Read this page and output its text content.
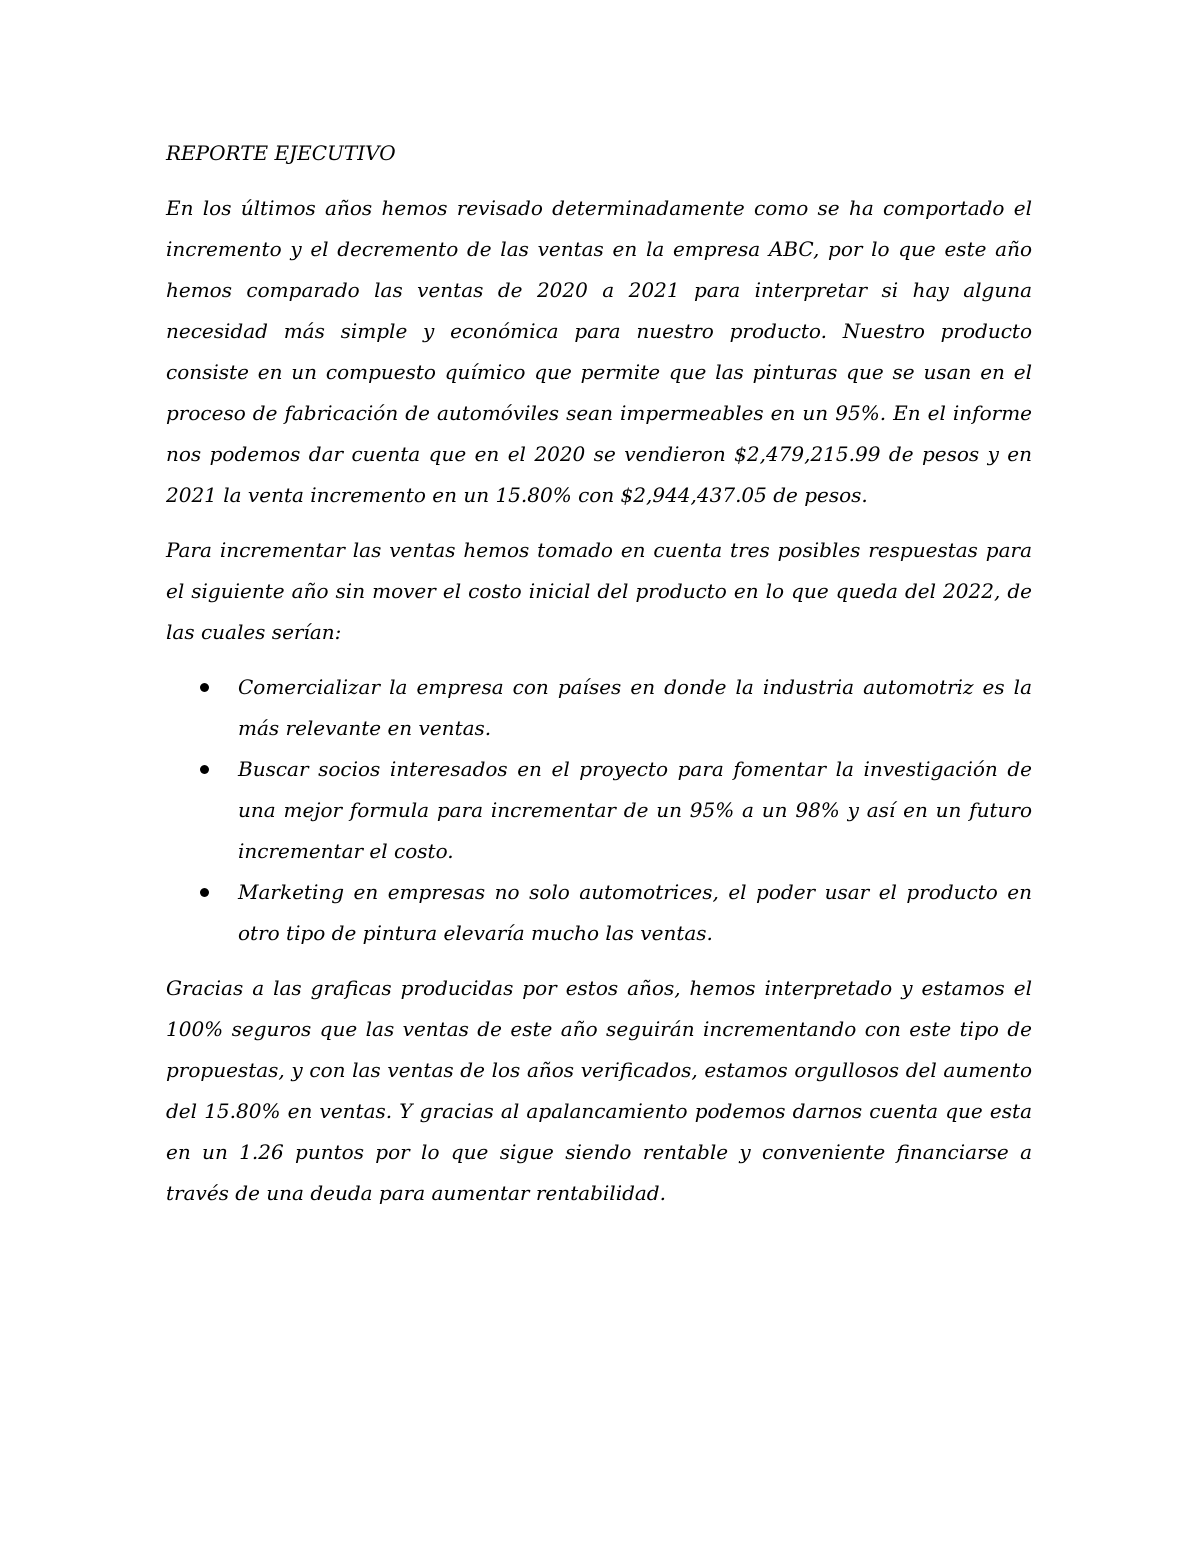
REPORTE EJECUTIVO

En los últimos años hemos revisado determinadamente como se ha comportado el incremento y el decremento de las ventas en la empresa ABC, por lo que este año hemos comparado las ventas de 2020 a 2021 para interpretar si hay alguna necesidad más simple y económica para nuestro producto. Nuestro producto consiste en un compuesto químico que permite que las pinturas que se usan en el proceso de fabricación de automóviles sean impermeables en un 95%. En el informe nos podemos dar cuenta que en el 2020 se vendieron $2,479,215.99 de pesos y en 2021 la venta incremento en un 15.80% con $2,944,437.05 de pesos.

Para incrementar las ventas hemos tomado en cuenta tres posibles respuestas para el siguiente año sin mover el costo inicial del producto en lo que queda del 2022, de las cuales serían:

Comercializar la empresa con países en donde la industria automotriz es la más relevante en ventas.
Buscar socios interesados en el proyecto para fomentar la investigación de una mejor formula para incrementar de un 95% a un 98% y así en un futuro incrementar el costo.
Marketing en empresas no solo automotrices, el poder usar el producto en otro tipo de pintura elevaría mucho las ventas.

Gracias a las graficas producidas por estos años, hemos interpretado y estamos el 100% seguros que las ventas de este año seguirán incrementando con este tipo de propuestas, y con las ventas de los años verificados, estamos orgullosos del aumento del 15.80% en ventas. Y gracias al apalancamiento podemos darnos cuenta que esta en un 1.26 puntos por lo que sigue siendo rentable y conveniente financiarse a través de una deuda para aumentar rentabilidad.
